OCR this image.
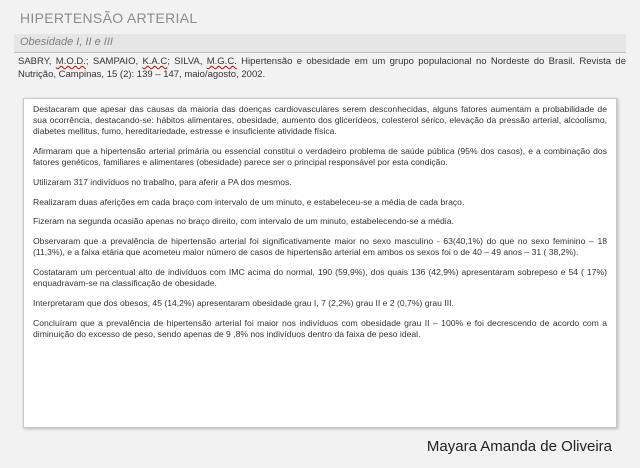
HIPERTENSÃO ARTERIAL
Obesidade I, II e III
SABRY, M.O.D.; SAMPAIO, K.A.C; SILVA, M.G.C. Hipertensão e obesidade em um grupo populacional no Nordeste do Brasil. Revista de Nutrição, Campinas, 15 (2): 139 – 147, maio/agosto, 2002.

Destacaram que apesar das causas da maioria das doenças cardiovasculares serem desconhecidas, alguns fatores aumentam a probabilidade de sua ocorrência, destacando-se: hábitos alimentares, obesidade, aumento dos glicerídeos, colesterol sérico, elevação da pressão arterial, alcoolismo, diabetes mellitus, fumo, hereditariedade, estresse e insuficiente atividade física.

Afirmaram que a hipertensão arterial primária ou essencial constitui o verdadeiro problema de saúde pública (95% dos casos), e a combinação dos fatores genéticos, familiares e alimentares (obesidade) parece ser o principal responsável por esta condição.

Utilizaram 317 indivíduos no trabalho, para aferir a PA dos mesmos.

Realizaram duas aferições em cada braço com intervalo de um minuto, e estabeleceu-se a média de cada braço.

Fizeram na segunda ocasião apenas no braço direito, com intervalo de um minuto, estabelecendo-se a média.

Observaram que a prevalência de hipertensão arterial foi significativamente maior no sexo masculino - 63(40,1%) do que no sexo feminino – 18 (11,3%), e a faixa etária que acometeu maior número de casos de hipertensão arterial em ambos os sexos foi o de 40 – 49 anos – 31 ( 38,2%).

Costataram um percentual alto de indivíduos com IMC acima do normal, 190 (59,9%), dos quais 136 (42,9%) apresentaram sobrepeso e 54 ( 17%) enquadravam-se na classificação de obesidade.

Interpretaram que dos obesos, 45 (14,2%) apresentaram obesidade grau I, 7 (2,2%) grau II e 2 (0,7%) grau III.

Concluíram que a prevalência de hipertensão arterial foi maior nos indivíduos com obesidade grau II – 100% e foi decrescendo de acordo com a diminuição do excesso de peso, sendo apenas de 9 ,8% nos indivíduos dentro da faixa de peso ideal.

Mayara Amanda de Oliveira
